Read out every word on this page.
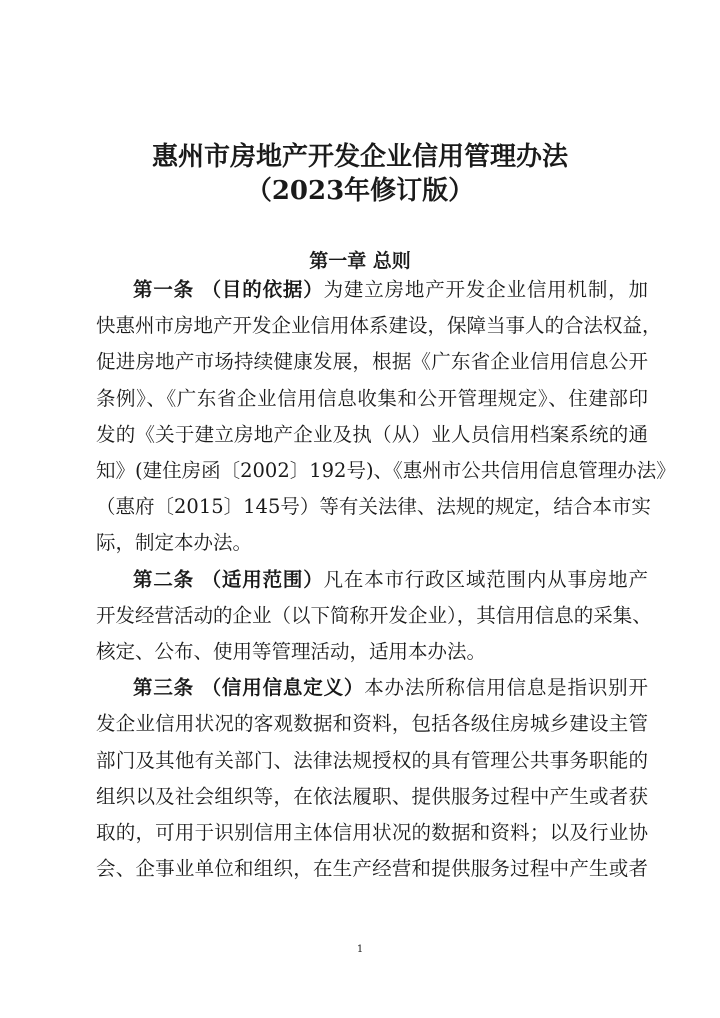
惠州市房地产开发企业信用管理办法
（2023年修订版）
第一章 总则
第一条 （目的依据）为建立房地产开发企业信用机制，加
快惠州市房地产开发企业信用体系建设，保障当事人的合法权益，
促进房地产市场持续健康发展，根据《广东省企业信用信息公开
条例》、《广东省企业信用信息收集和公开管理规定》、住建部印
发的《关于建立房地产企业及执（从）业人员信用档案系统的通
知》(建住房函〔2002〕192号)、《惠州市公共信用信息管理办法》
（惠府〔2015〕145号）等有关法律、法规的规定，结合本市实
际，制定本办法。
第二条 （适用范围）凡在本市行政区域范围内从事房地产
开发经营活动的企业（以下简称开发企业），其信用信息的采集、
核定、公布、使用等管理活动，适用本办法。
第三条 （信用信息定义）本办法所称信用信息是指识别开
发企业信用状况的客观数据和资料，包括各级住房城乡建设主管
部门及其他有关部门、法律法规授权的具有管理公共事务职能的
组织以及社会组织等，在依法履职、提供服务过程中产生或者获
取的，可用于识别信用主体信用状况的数据和资料；以及行业协
会、企事业单位和组织，在生产经营和提供服务过程中产生或者
1
